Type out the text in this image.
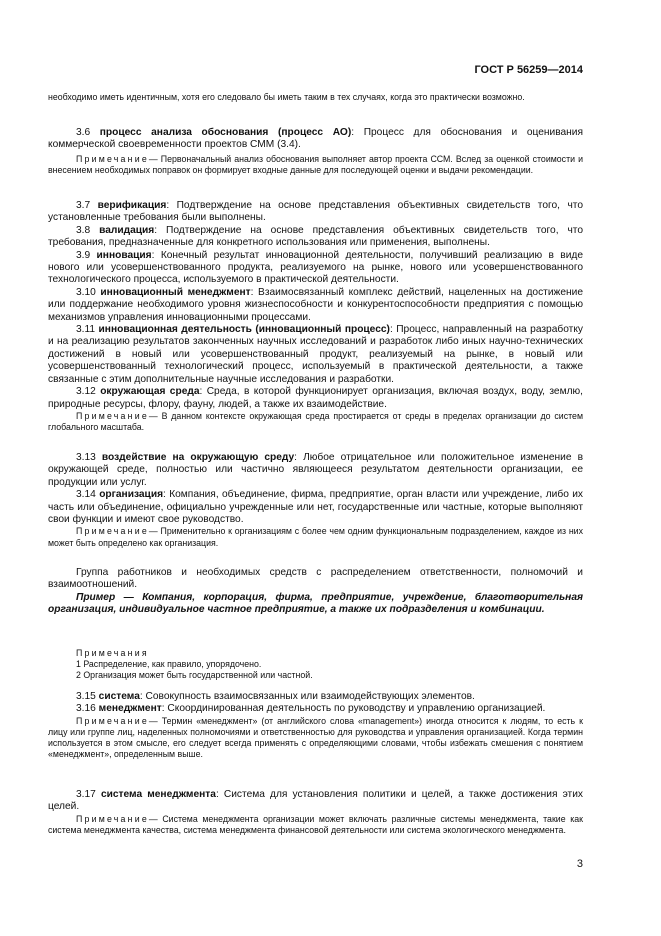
ГОСТ Р 56259—2014

необходимо иметь идентичным, хотя его следовало бы иметь таким в тех случаях, когда это практически возможно.

3.6 процесс анализа обоснования (процесс АО): Процесс для обоснования и оценивания коммерческой своевременности проектов СММ (3.4).

Примечание— Первоначальный анализ обоснования выполняет автор проекта ССМ. Вслед за оценкой стоимости и внесением необходимых поправок он формирует входные данные для последующей оценки и выдачи рекомендации.

3.7 верификация: Подтверждение на основе представления объективных свидетельств того, что установленные требования были выполнены.

3.8 валидация: Подтверждение на основе представления объективных свидетельств того, что требования, предназначенные для конкретного использования или применения, выполнены.

3.9 инновация: Конечный результат инновационной деятельности, получивший реализацию в виде нового или усовершенствованного продукта, реализуемого на рынке, нового или усовершенствованного технологического процесса, используемого в практической деятельности.

3.10 инновационный менеджмент: Взаимосвязанный комплекс действий, нацеленных на достижение или поддержание необходимого уровня жизнеспособности и конкурентоспособности предприятия с помощью механизмов управления инновационными процессами.

3.11 инновационная деятельность (инновационный процесс): Процесс, направленный на разработку и на реализацию результатов законченных научных исследований и разработок либо иных научно-технических достижений в новый или усовершенствованный продукт, реализуемый на рынке, в новый или усовершенствованный технологический процесс, используемый в практической деятельности, а также связанные с этим дополнительные научные исследования и разработки.

3.12 окружающая среда: Среда, в которой функционирует организация, включая воздух, воду, землю, природные ресурсы, флору, фауну, людей, а также их взаимодействие.

Примечание— В данном контексте окружающая среда простирается от среды в пределах организации до систем глобального масштаба.

3.13 воздействие на окружающую среду: Любое отрицательное или положительное изменение в окружающей среде, полностью или частично являющееся результатом деятельности организации, ее продукции или услуг.

3.14 организация: Компания, объединение, фирма, предприятие, орган власти или учреждение, либо их часть или объединение, официально учрежденные или нет, государственные или частные, которые выполняют свои функции и имеют свое руководство.

Примечание— Применительно к организациям с более чем одним функциональным подразделением, каждое из них может быть определено как организация.

Группа работников и необходимых средств с распределением ответственности, полномочий и взаимоотношений.

Пример — Компания, корпорация, фирма, предприятие, учреждение, благотворительная организация, индивидуальное частное предприятие, а также их подразделения и комбинации.

Примечания

1 Распределение, как правило, упорядочено.

2 Организация может быть государственной или частной.

3.15 система: Совокупность взаимосвязанных или взаимодействующих элементов.

3.16 менеджмент: Скоординированная деятельность по руководству и управлению организацией.

Примечание— Термин «менеджмент» (от английского слова «management») иногда относится к людям, то есть к лицу или группе лиц, наделенных полномочиями и ответственностью для руководства и управления организацией. Когда термин используется в этом смысле, его следует всегда применять с определяющими словами, чтобы избежать смешения с понятием «менеджмент», определенным выше.

3.17 система менеджмента: Система для установления политики и целей, а также достижения этих целей.

Примечание— Система менеджмента организации может включать различные системы менеджмента, такие как система менеджмента качества, система менеджмента финансовой деятельности или система экологического менеджмента.

3
